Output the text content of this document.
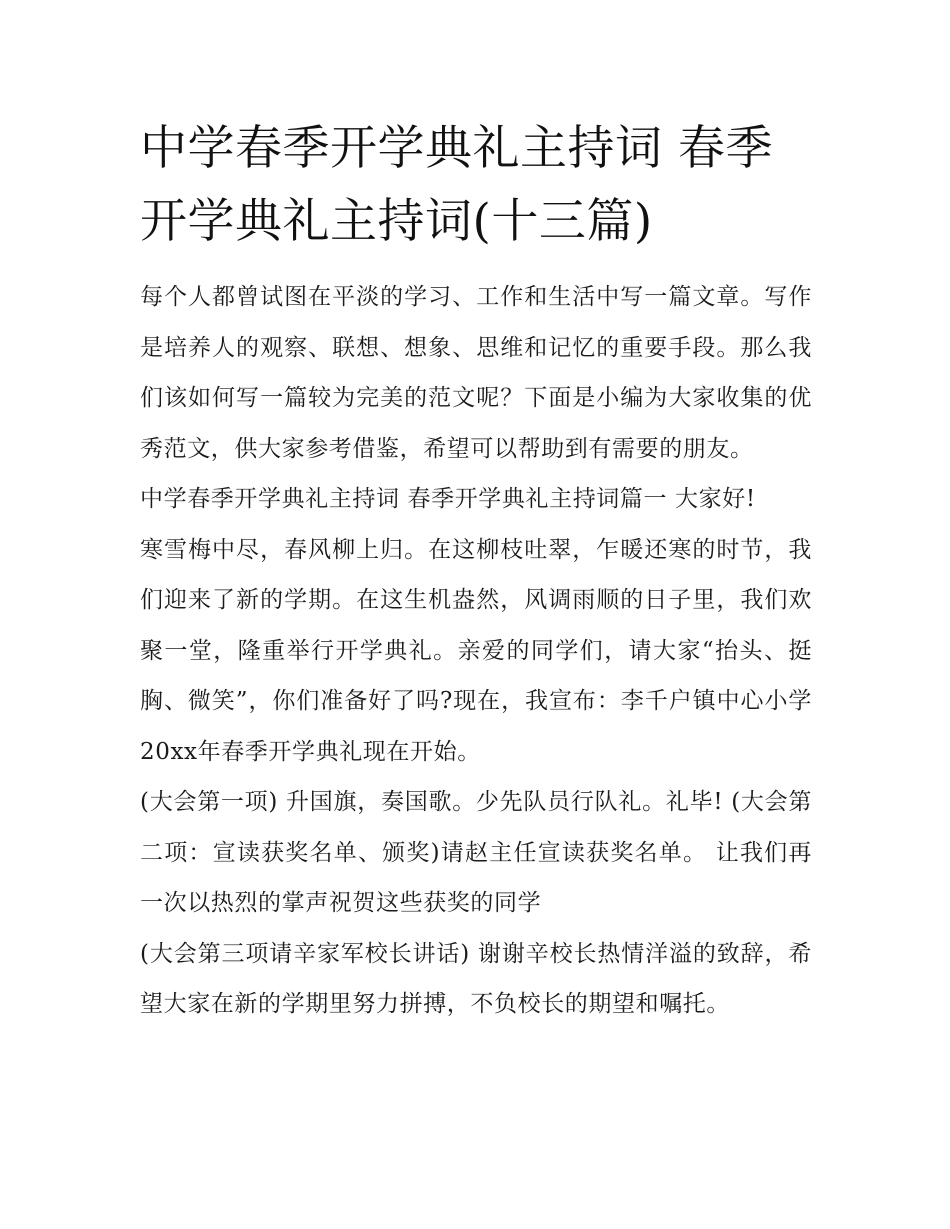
中学春季开学典礼主持词 春季开学典礼主持词(十三篇)

每个人都曾试图在平淡的学习、工作和生活中写一篇文章。写作是培养人的观察、联想、想象、思维和记忆的重要手段。那么我们该如何写一篇较为完美的范文呢？下面是小编为大家收集的优秀范文，供大家参考借鉴，希望可以帮助到有需要的朋友。

中学春季开学典礼主持词 春季开学典礼主持词篇一 大家好!

寒雪梅中尽，春风柳上归。在这柳枝吐翠，乍暖还寒的时节，我们迎来了新的学期。在这生机盎然，风调雨顺的日子里，我们欢聚一堂，隆重举行开学典礼。亲爱的同学们，请大家“抬头、挺胸、微笑”，你们准备好了吗?现在，我宣布：李千户镇中心小学20xx年春季开学典礼现在开始。

(大会第一项) 升国旗，奏国歌。少先队员行队礼。礼毕! (大会第二项：宣读获奖名单、颁奖)请赵主任宣读获奖名单。 让我们再一次以热烈的掌声祝贺这些获奖的同学

(大会第三项请辛家军校长讲话) 谢谢辛校长热情洋溢的致辞，希望大家在新的学期里努力拼搏，不负校长的期望和嘱托。
